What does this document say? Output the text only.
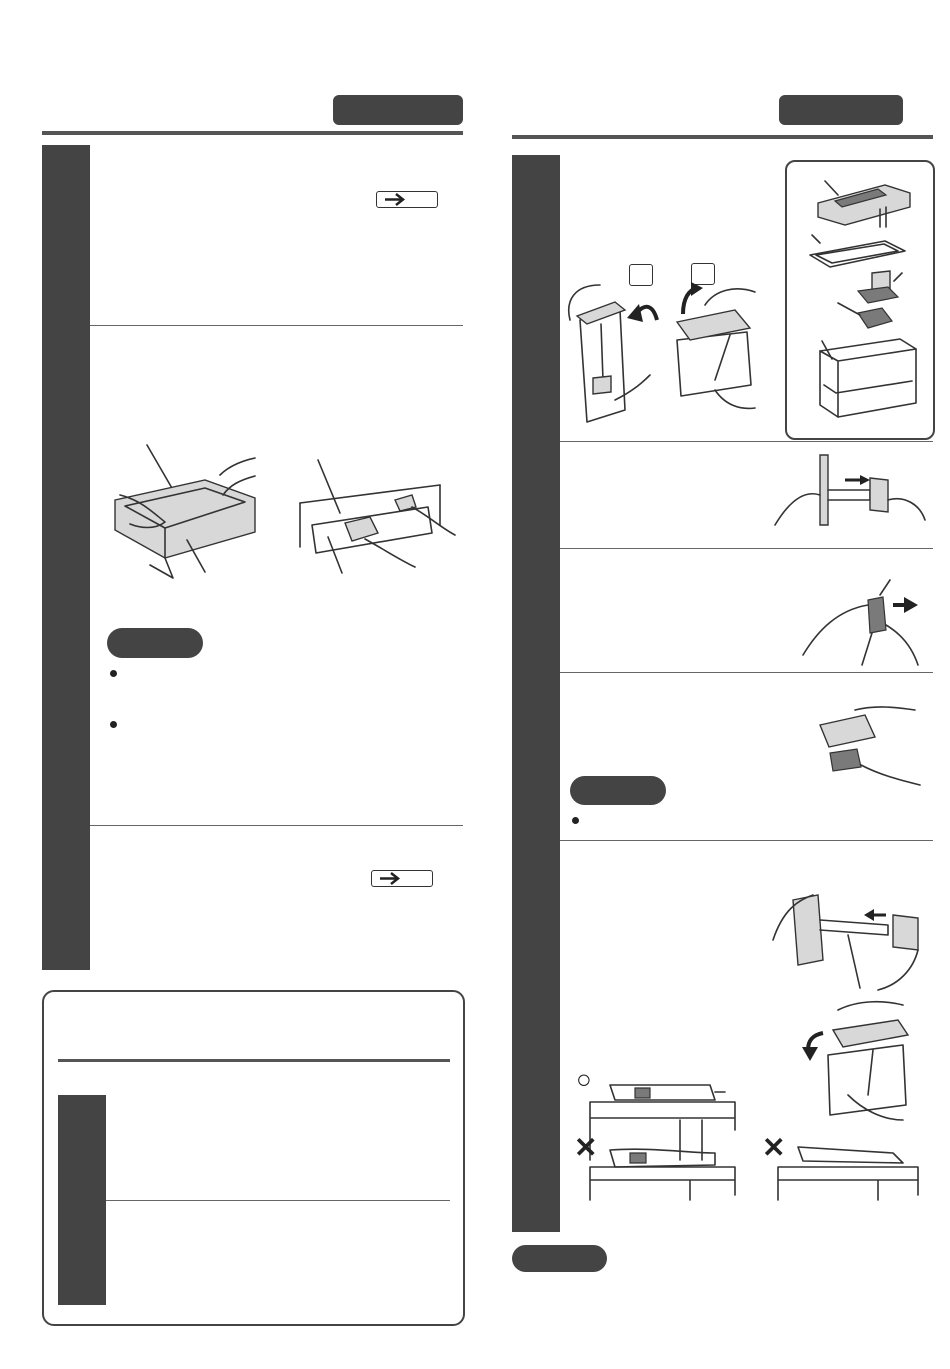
○
✕	✕
